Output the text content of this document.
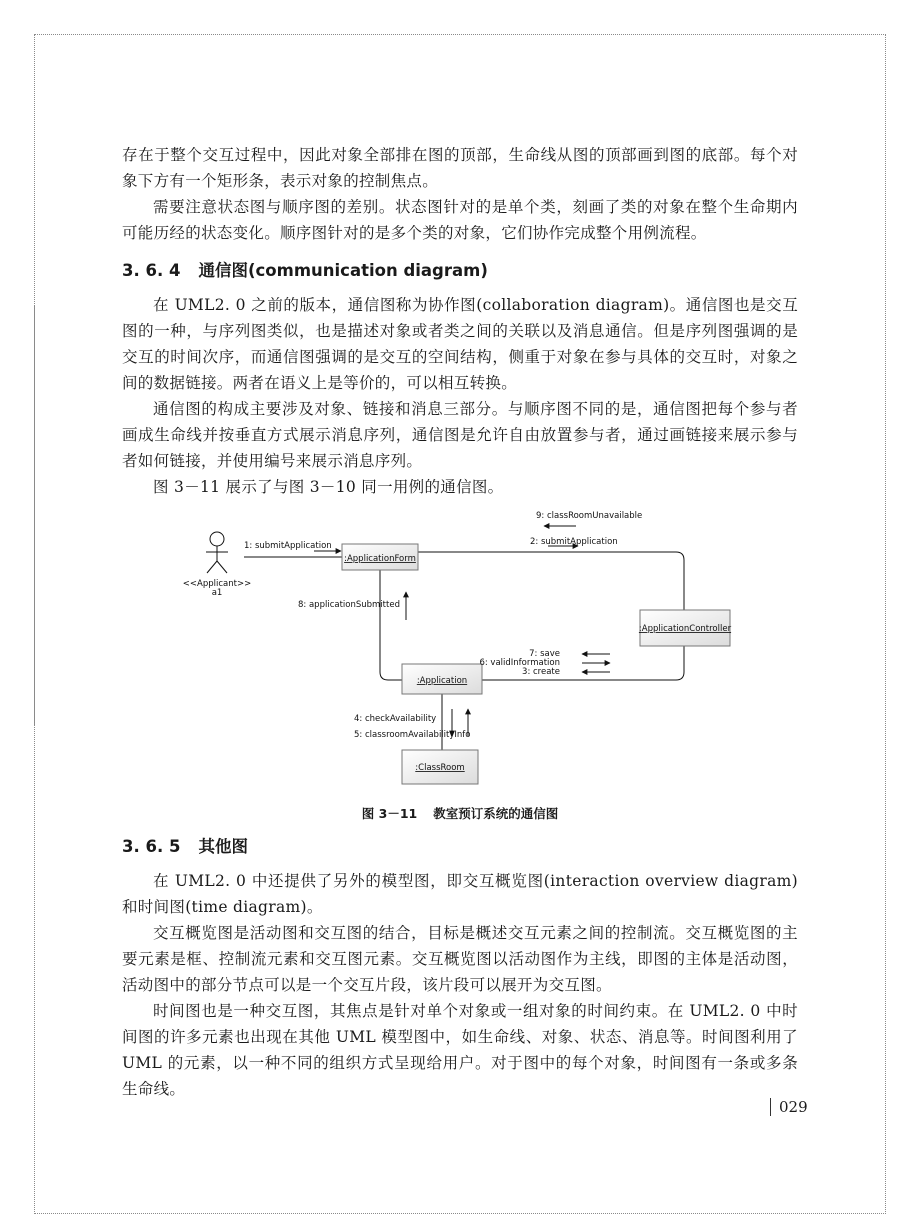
存在于整个交互过程中，因此对象全部排在图的顶部，生命线从图的顶部画到图的底部。每个对象下方有一个矩形条，表示对象的控制焦点。

需要注意状态图与顺序图的差别。状态图针对的是单个类，刻画了类的对象在整个生命期内可能历经的状态变化。顺序图针对的是多个类的对象，它们协作完成整个用例流程。

3. 6. 4 通信图(communication diagram)

在 UML2. 0 之前的版本，通信图称为协作图(collaboration diagram)。通信图也是交互图的一种，与序列图类似，也是描述对象或者类之间的关联以及消息通信。但是序列图强调的是交互的时间次序，而通信图强调的是交互的空间结构，侧重于对象在参与具体的交互时，对象之间的数据链接。两者在语义上是等价的，可以相互转换。

通信图的构成主要涉及对象、链接和消息三部分。与顺序图不同的是，通信图把每个参与者画成生命线并按垂直方式展示消息序列，通信图是允许自由放置参与者，通过画链接来展示参与者如何链接，并使用编号来展示消息序列。

图 3－11 展示了与图 3－10 同一用例的通信图。

<<Applicant>>
a1
:ApplicationForm
:ApplicationController
:Application
:ClassRoom
1: submitApplication	2: submitApplication
9: classRoomUnavailable
8: applicationSubmitted
7: save
6: validInformation
3: create
4: checkAvailability
5: classroomAvailabilityInfo
图 3－11 教室预订系统的通信图
3. 6. 5 其他图

在 UML2. 0 中还提供了另外的模型图，即交互概览图(interaction overview diagram)和时间图(time diagram)。

交互概览图是活动图和交互图的结合，目标是概述交互元素之间的控制流。交互概览图的主要元素是框、控制流元素和交互图元素。交互概览图以活动图作为主线，即图的主体是活动图，活动图中的部分节点可以是一个交互片段，该片段可以展开为交互图。

时间图也是一种交互图，其焦点是针对单个对象或一组对象的时间约束。在 UML2. 0 中时间图的许多元素也出现在其他 UML 模型图中，如生命线、对象、状态、消息等。时间图利用了 UML 的元素，以一种不同的组织方式呈现给用户。对于图中的每个对象，时间图有一条或多条生命线。

029
